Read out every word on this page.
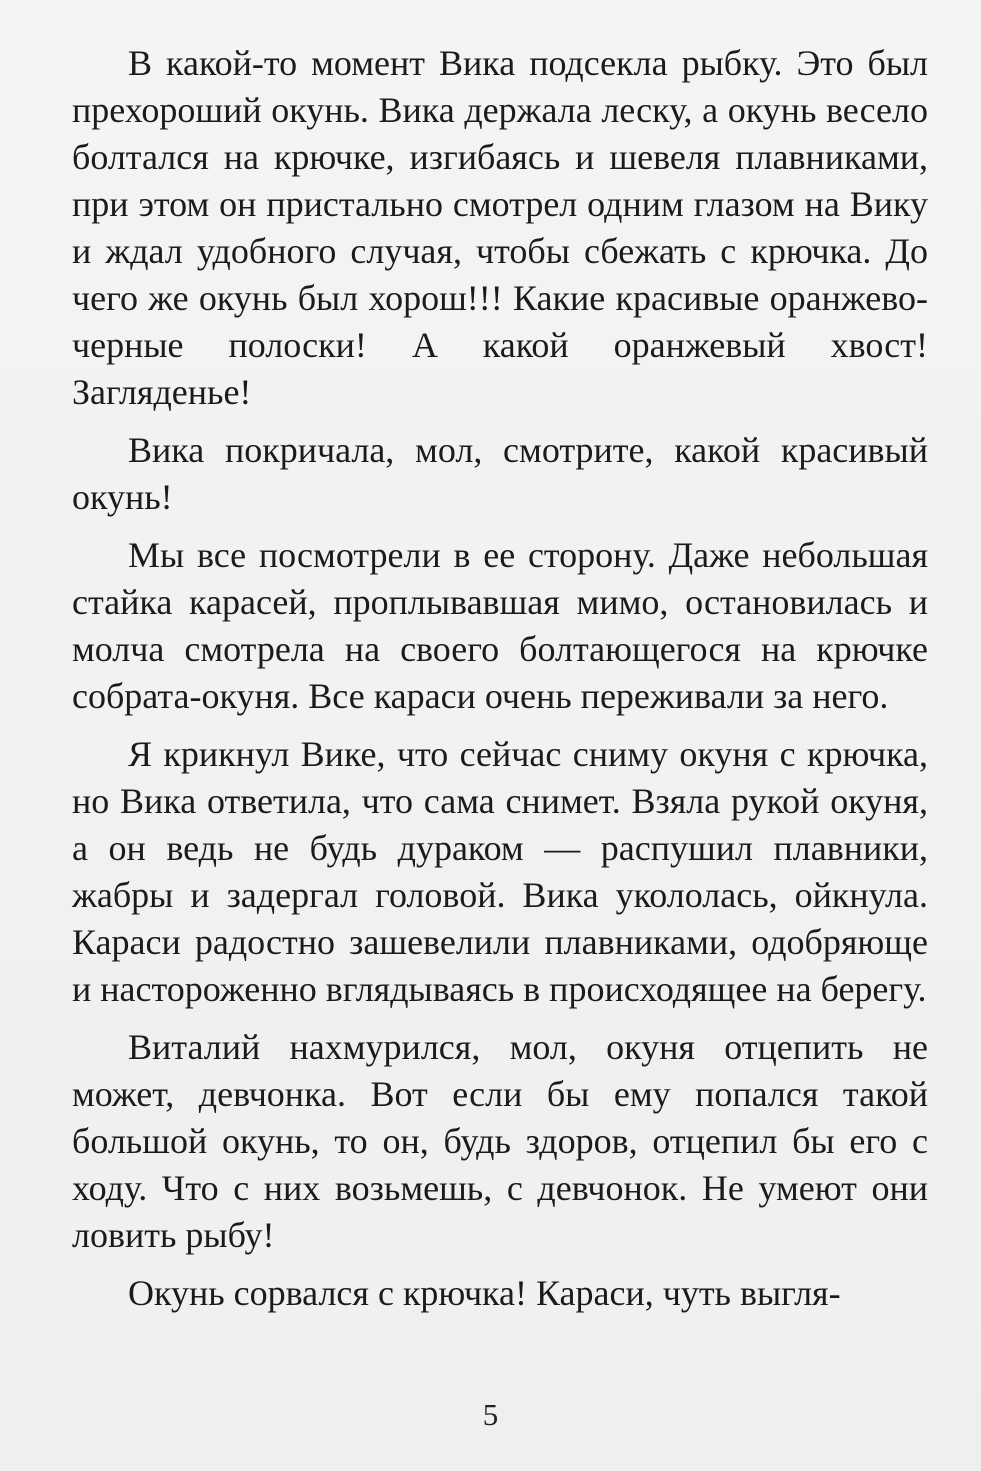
В какой-то момент Вика подсекла рыбку. Это был прехороший окунь. Вика держала леску, а окунь весело болтался на крючке, изгибаясь и шевеля плавниками, при этом он пристально смотрел одним глазом на Вику и ждал удобного случая, чтобы сбежать с крючка. До чего же окунь был хорош!!! Какие красивые оранжево-черные полоски! А какой оранжевый хвост! Загляденье!

Вика покричала, мол, смотрите, какой красивый окунь!

Мы все посмотрели в ее сторону. Даже небольшая стайка карасей, проплывавшая мимо, остановилась и молча смотрела на своего болтающегося на крючке собрата-окуня. Все караси очень переживали за него.

Я крикнул Вике, что сейчас сниму окуня с крючка, но Вика ответила, что сама снимет. Взяла рукой окуня, а он ведь не будь дураком — распушил плавники, жабры и задергал головой. Вика укололась, ойкнула. Караси радостно зашевелили плавниками, одобряюще и настороженно вглядываясь в происходящее на берегу.

Виталий нахмурился, мол, окуня отцепить не может, девчонка. Вот если бы ему попался такой большой окунь, то он, будь здоров, отцепил бы его с ходу. Что с них возьмешь, с девчонок. Не умеют они ловить рыбу!

Окунь сорвался с крючка! Караси, чуть выгля-

5
